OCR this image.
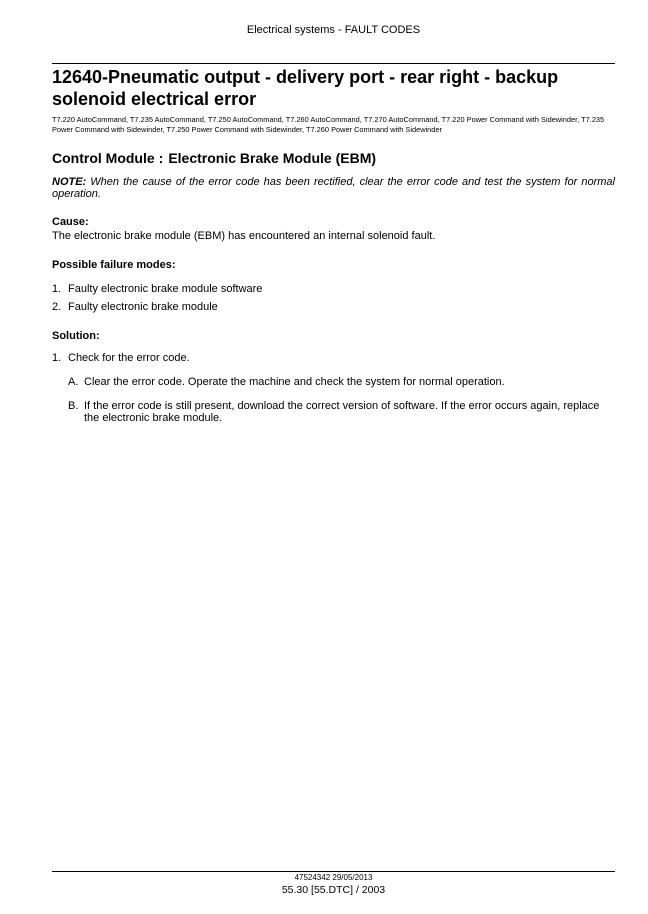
Electrical systems - FAULT CODES
12640-Pneumatic output - delivery port - rear right - backup solenoid electrical error

T7.220 AutoCommand, T7.235 AutoCommand, T7.250 AutoCommand, T7.260 AutoCommand, T7.270 AutoCommand, T7.220 Power Command with Sidewinder, T7.235 Power Command with Sidewinder, T7.250 Power Command with Sidewinder, T7.260 Power Command with Sidewinder

Control Module : Electronic Brake Module (EBM)

NOTE: When the cause of the error code has been rectified, clear the error code and test the system for normal operation.

Cause:

The electronic brake module (EBM) has encountered an internal solenoid fault.

Possible failure modes:

1. Faulty electronic brake module software
2. Faulty electronic brake module

Solution:

1. Check for the error code.
A. Clear the error code. Operate the machine and check the system for normal operation.
B. If the error code is still present, download the correct version of software. If the error occurs again, replace the electronic brake module.
47524342 29/05/2013
55.30 [55.DTC] / 2003
